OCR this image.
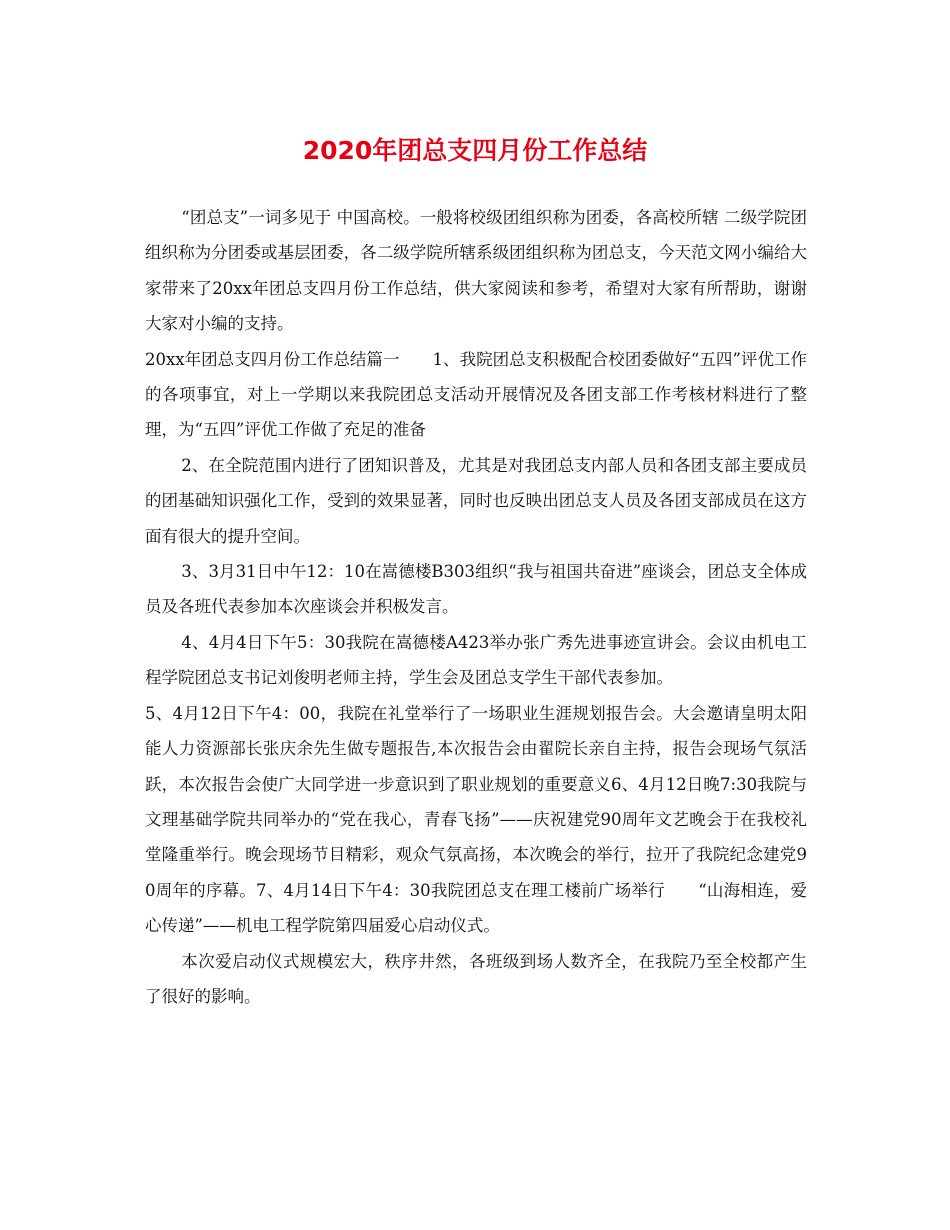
2020年团总支四月份工作总结

“团总支”一词多见于 中国高校。一般将校级团组织称为团委，各高校所辖 二级学院团组织称为分团委或基层团委，各二级学院所辖系级团组织称为团总支，今天范文网小编给大家带来了20xx年团总支四月份工作总结，供大家阅读和参考，希望对大家有所帮助，谢谢大家对小编的支持。

20xx年团总支四月份工作总结篇一　　1、我院团总支积极配合校团委做好“五四”评优工作的各项事宜，对上一学期以来我院团总支活动开展情况及各团支部工作考核材料进行了整理，为“五四”评优工作做了充足的准备

2、在全院范围内进行了团知识普及，尤其是对我团总支内部人员和各团支部主要成员的团基础知识强化工作，受到的效果显著，同时也反映出团总支人员及各团支部成员在这方面有很大的提升空间。

3、3月31日中午12：10在嵩德楼B303组织“我与祖国共奋进”座谈会，团总支全体成员及各班代表参加本次座谈会并积极发言。

4、4月4日下午5：30我院在嵩德楼A423举办张广秀先进事迹宣讲会。会议由机电工程学院团总支书记刘俊明老师主持，学生会及团总支学生干部代表参加。

5、4月12日下午4：00，我院在礼堂举行了一场职业生涯规划报告会。大会邀请皇明太阳能人力资源部长张庆余先生做专题报告,本次报告会由翟院长亲自主持，报告会现场气氛活跃，本次报告会使广大同学进一步意识到了职业规划的重要意义6、4月12日晚7:30我院与文理基础学院共同举办的“党在我心，青春飞扬”——庆祝建党90周年文艺晚会于在我校礼堂隆重举行。晚会现场节目精彩，观众气氛高扬，本次晚会的举行，拉开了我院纪念建党90周年的序幕。7、4月14日下午4：30我院团总支在理工楼前广场举行　　“山海相连，爱心传递”——机电工程学院第四届爱心启动仪式。

本次爱启动仪式规模宏大，秩序井然，各班级到场人数齐全，在我院乃至全校都产生了很好的影响。
